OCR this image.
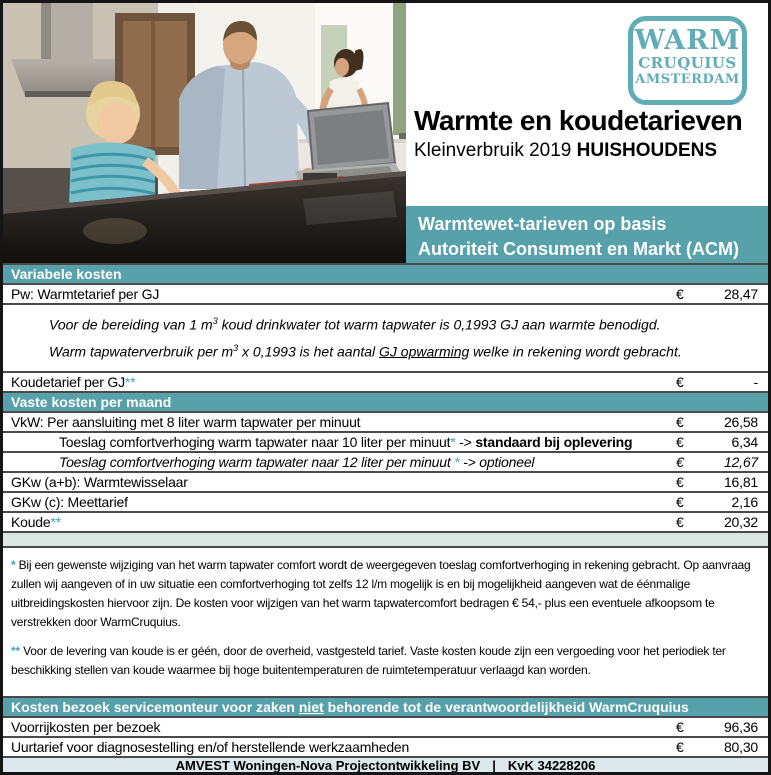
WARM
CRUQUIUS
AMSTERDAM
Warmte en koudetarieven
Kleinverbruik 2019 HUISHOUDENS
Warmtewet-tarieven op basis
Autoriteit Consument en Markt (ACM)
Variabele kosten
Pw: Warmtetarief per GJ	€	28,47
Voor de bereiding van 1 $m^3$ koud drinkwater tot warm tapwater is 0,1993 GJ aan warmte benodigd.
Warm tapwaterverbruik per $m^3$ x 0,1993 is het aantal GJ opwarming welke in rekening wordt gebracht.
Koudetarief per GJ**	€	-
Vaste kosten per maand
VkW: Per aansluiting met 8 liter warm tapwater per minuut	€	26,58
Toeslag comfortverhoging warm tapwater naar 10 liter per minuut* -> standaard bij oplevering	€	6,34
Toeslag comfortverhoging warm tapwater naar 12 liter per minuut * -> optioneel	€	12,67
GKw (a+b): Warmtewisselaar	€	16,81
GKw (c): Meettarief	€	2,16
Koude**	€	20,32
* Bij een gewenste wijziging van het warm tapwater comfort wordt de weergegeven toeslag comfortverhoging in rekening gebracht. Op aanvraag zullen wij aangeven of in uw situatie een comfortverhoging tot zelfs 12 l/m mogelijk is en bij mogelijkheid aangeven wat de éénmalige uitbreidingskosten hiervoor zijn. De kosten voor wijzigen van het warm tapwatercomfort bedragen € 54,- plus een eventuele afkoopsom te verstrekken door WarmCruquius.
** Voor de levering van koude is er géén, door de overheid, vastgesteld tarief. Vaste kosten koude zijn een vergoeding voor het periodiek ter beschikking stellen van koude waarmee bij hoge buitentemperaturen de ruimtetemperatuur verlaagd kan worden.
Kosten bezoek servicemonteur voor zaken niet behorende tot de verantwoordelijkheid WarmCruquius
Voorrijkosten per bezoek	€	96,36
Uurtarief voor diagnosestelling en/of herstellende werkzaamheden	€	80,30
AMVEST Woningen-Nova Projectontwikkeling BV | KvK 34228206
